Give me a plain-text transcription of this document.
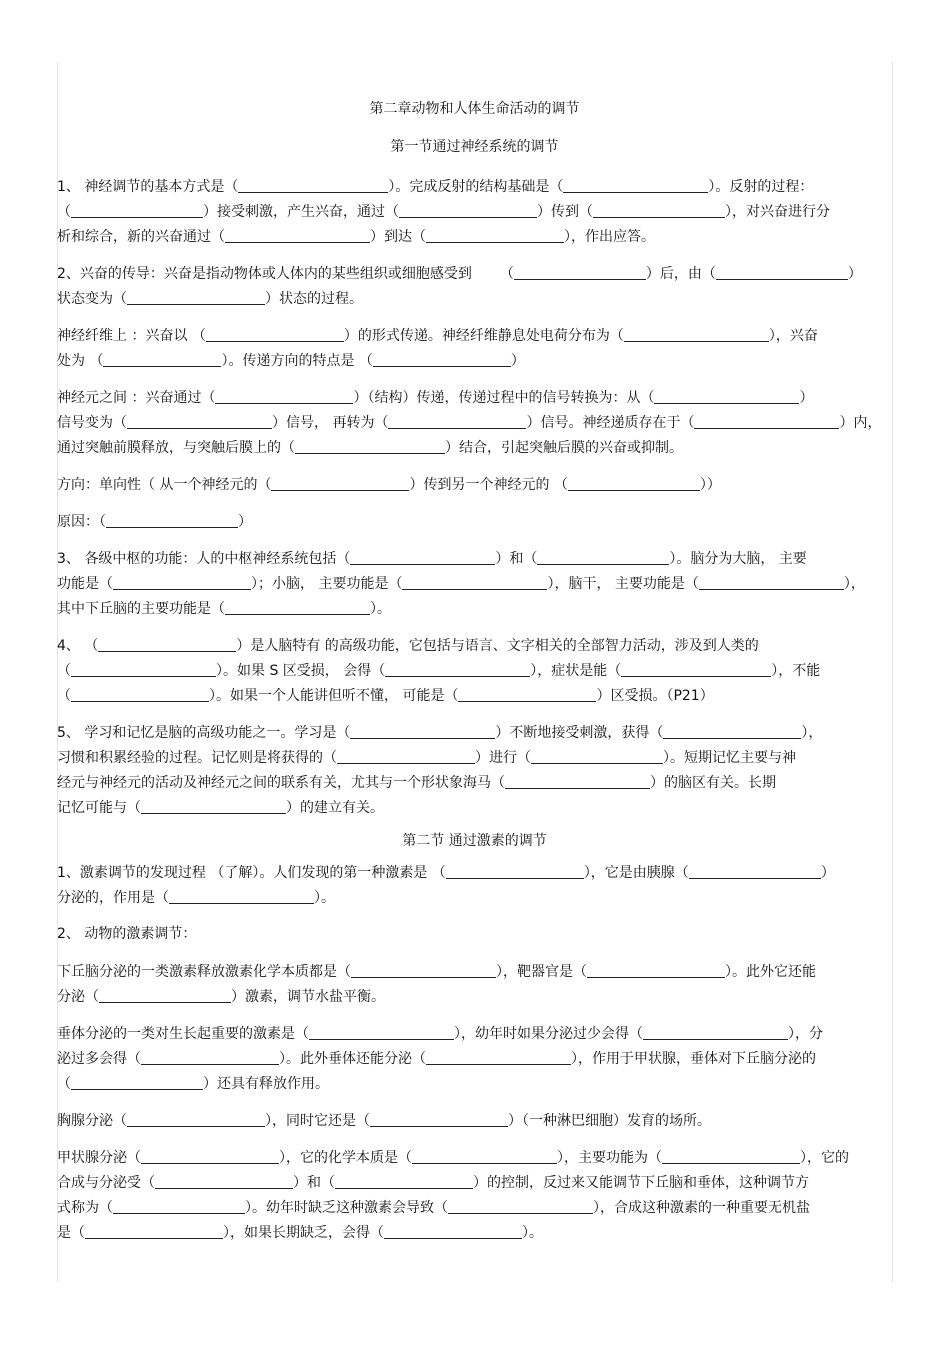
第二章动物和人体生命活动的调节
第一节通过神经系统的调节
1、 神经调节的基本方式是（	）。完成反射的结构基础是（	）。反射的过程：
（	）接受刺激，产生兴奋，通过（	）传到（	），对兴奋进行分
析和综合，新的兴奋通过（	）到达（	），作出应答。
2、兴奋的传导：兴奋是指动物体或人体内的某些组织或细胞感受到 （	）后，由（	）
状态变为（	）状态的过程。
神经纤维上 ：兴奋以 （	）的形式传递。神经纤维静息处电荷分布为（	），兴奋
处为 （	）。传递方向的特点是 （	）
神经元之间 ：兴奋通过（	）（结构）传递，传递过程中的信号转换为：从（	）
信号变为（	）信号， 再转为（	）信号。神经递质存在于（	）内，
通过突触前膜释放，与突触后膜上的（	）结合，引起突触后膜的兴奋或抑制。
方向：单向性（ 从一个神经元的（	）传到另一个神经元的 （	））
原因：（	）
3、 各级中枢的功能：人的中枢神经系统包括（	）和（	）。脑分为大脑， 主要
功能是（	）；小脑， 主要功能是（	），脑干， 主要功能是（	），
其中下丘脑的主要功能是（	）。
4、 （	）是人脑特有 的高级功能，它包括与语言、文字相关的全部智力活动，涉及到人类的
（	）。如果 S 区受损， 会得（	），症状是能（	），不能
（	）。如果一个人能讲但听不懂， 可能是（	）区受损。（P21）
5、 学习和记忆是脑的高级功能之一。学习是（	）不断地接受刺激，获得（	），
习惯和积累经验的过程。记忆则是将获得的（	）进行（	）。短期记忆主要与神
经元与神经元的活动及神经元之间的联系有关，尤其与一个形状象海马（	）的脑区有关。长期
记忆可能与（	）的建立有关。
第二节 通过激素的调节
1、激素调节的发现过程 （了解）。人们发现的第一种激素是 （	），它是由胰腺（	）
分泌的，作用是（	）。
2、 动物的激素调节：
下丘脑分泌的一类激素释放激素化学本质都是（	），靶器官是（	）。此外它还能
分泌（	）激素，调节水盐平衡。
垂体分泌的一类对生长起重要的激素是（	），幼年时如果分泌过少会得（	），分
泌过多会得（	）。此外垂体还能分泌（	），作用于甲状腺，垂体对下丘脑分泌的
（	）还具有释放作用。
胸腺分泌（	），同时它还是（	）（一种淋巴细胞）发育的场所。
甲状腺分泌（	），它的化学本质是（	），主要功能为（	），它的
合成与分泌受（	）和（	）的控制，反过来又能调节下丘脑和垂体，这种调节方
式称为（	）。幼年时缺乏这种激素会导致（	），合成这种激素的一种重要无机盐
是（	），如果长期缺乏，会得（	）。
